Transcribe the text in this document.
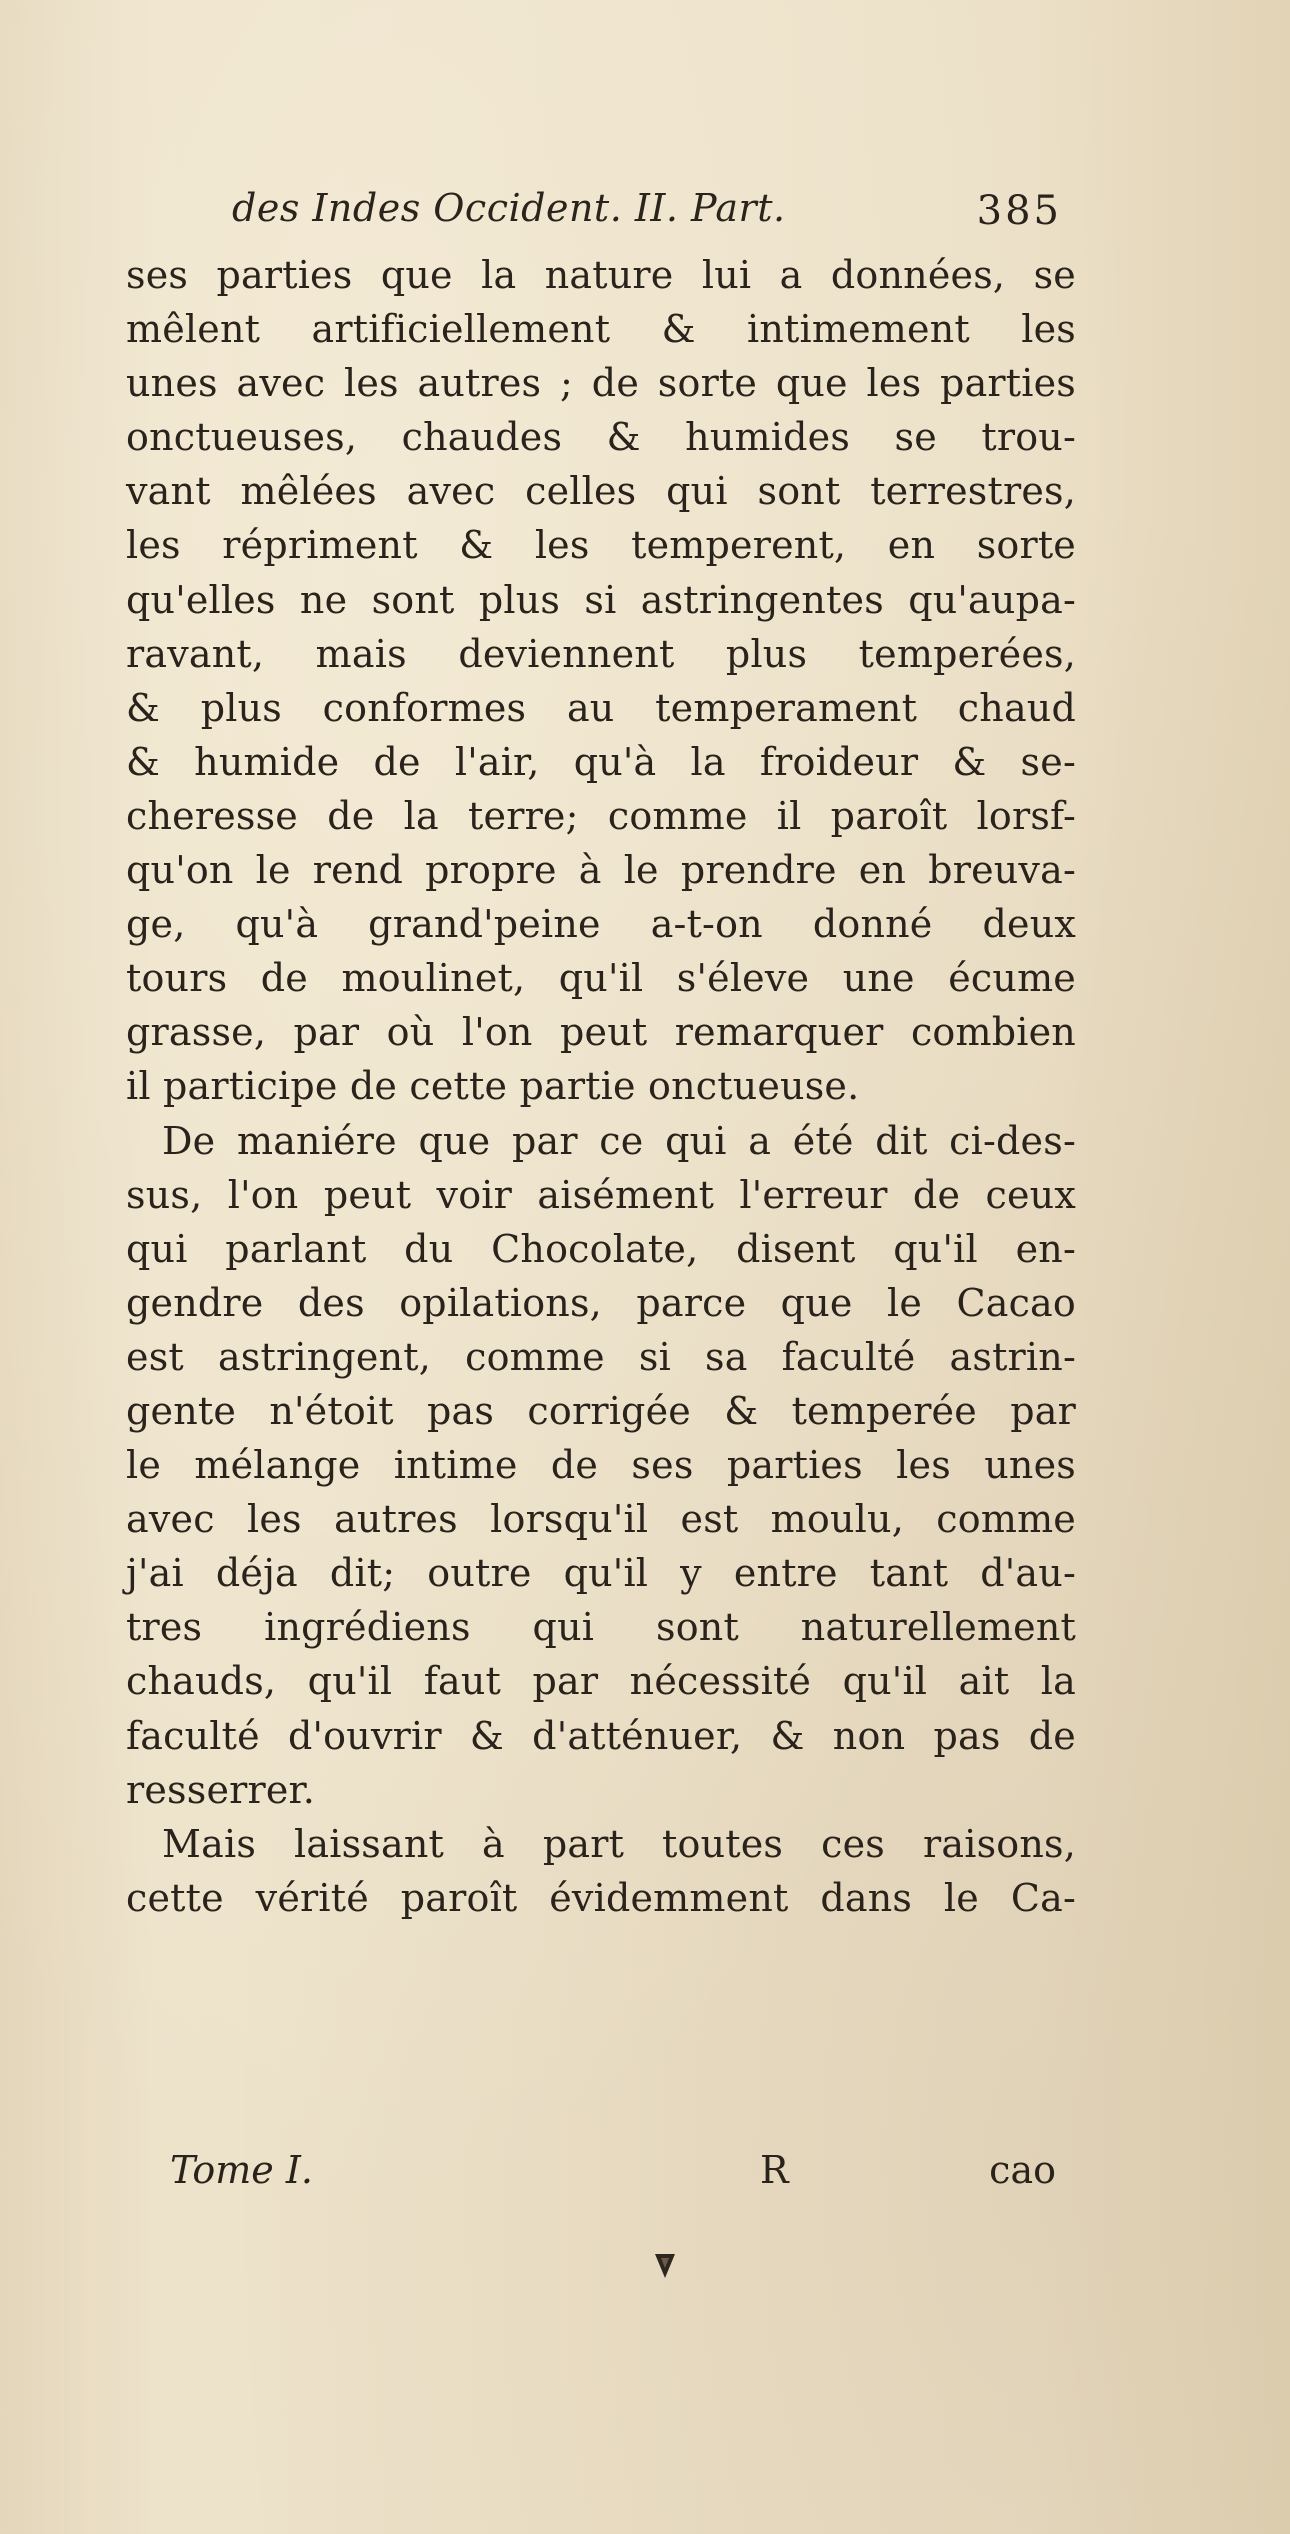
des Indes Occident. II. Part.	385
ses parties que la nature lui a données, se
mêlent artificiellement & intimement les
unes avec les autres ; de sorte que les parties
onctueuses, chaudes & humides se trou-
vant mêlées avec celles qui sont terrestres,
les répriment & les temperent, en sorte
qu'elles ne sont plus si astringentes qu'aupa-
ravant, mais deviennent plus temperées,
& plus conformes au temperament chaud
& humide de l'air, qu'à la froideur & se-
cheresse de la terre; comme il paroît lorsf-
qu'on le rend propre à le prendre en breuva-
ge, qu'à grand'peine a-t-on donné deux
tours de moulinet, qu'il s'éleve une écume
grasse, par où l'on peut remarquer combien
il participe de cette partie onctueuse.
De maniére que par ce qui a été dit ci-des-
sus, l'on peut voir aisément l'erreur de ceux
qui parlant du Chocolate, disent qu'il en-
gendre des opilations, parce que le Cacao
est astringent, comme si sa faculté astrin-
gente n'étoit pas corrigée & temperée par
le mélange intime de ses parties les unes
avec les autres lorsqu'il est moulu, comme
j'ai déja dit; outre qu'il y entre tant d'au-
tres ingrédiens qui sont naturellement
chauds, qu'il faut par nécessité qu'il ait la
faculté d'ouvrir & d'atténuer, & non pas de
resserrer.
Mais laissant à part toutes ces raisons,
cette vérité paroît évidemment dans le Ca-
Tome I.	R	cao
